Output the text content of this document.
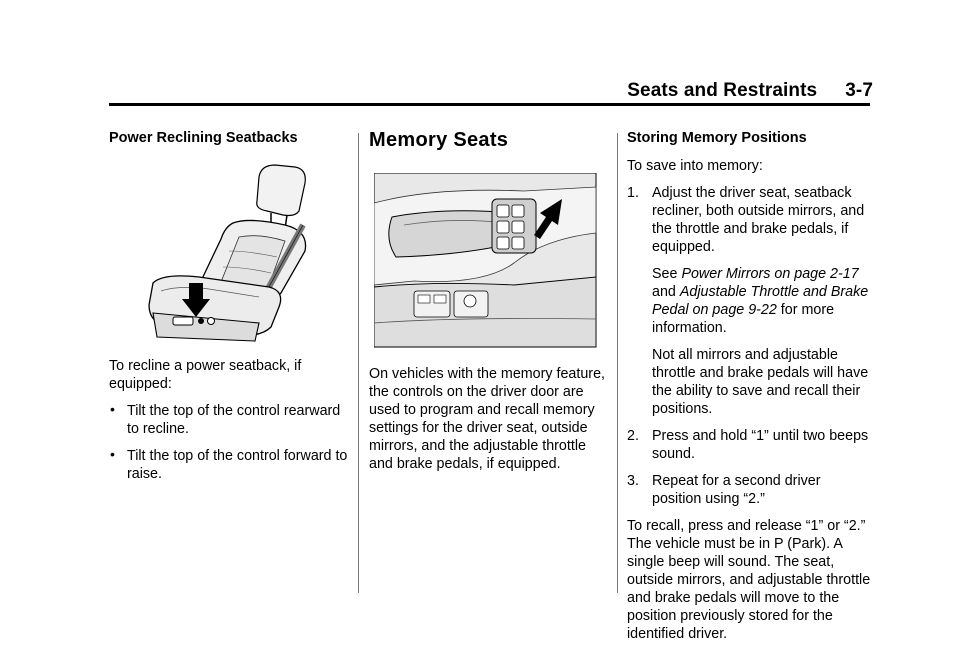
Seats and Restraints 3-7
Power Reclining Seatbacks

To recline a power seatback, if equipped:

• Tilt the top of the control rearward to recline.
• Tilt the top of the control forward to raise.
Memory Seats

On vehicles with the memory feature, the controls on the driver door are used to program and recall memory settings for the driver seat, outside mirrors, and the adjustable throttle and brake pedals, if equipped.

Storing Memory Positions

To save into memory:

1. Adjust the driver seat, seatback recliner, both outside mirrors, and the throttle and brake pedals, if equipped.

See Power Mirrors on page 2-17 and Adjustable Throttle and Brake Pedal on page 9-22 for more information.

Not all mirrors and adjustable throttle and brake pedals will have the ability to save and recall their positions.

2. Press and hold “1” until two beeps sound.
3. Repeat for a second driver position using “2.”

To recall, press and release “1” or “2.” The vehicle must be in P (Park). A single beep will sound. The seat, outside mirrors, and adjustable throttle and brake pedals will move to the position previously stored for the identified driver.
